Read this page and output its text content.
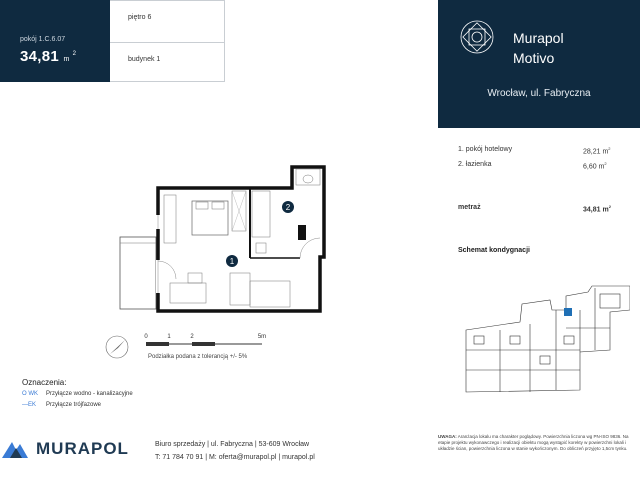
pokój 1.C.6.07
34,81 $m^2$
piętro 6
budynek 1
Murapol
Motivo
Wrocław, ul. Fabryczna
1. pokój hotelowy	28,21 $m^2$
2. łazienka	6,60 $m^2$
metraż	34,81 $m^2$
Schemat kondygnacji
1
2
0	1	2	5m
Podziałka podana z tolerancją +/- 5%
Oznaczenia:
O WK	Przyłącze wodno - kanalizacyjne
—EK	Przyłącze trójfazowe
MURAPOL	Biuro sprzedaży | ul. Fabryczna | 53-609 Wrocław
T: 71 784 70 91 | M: oferta@murapol.pl | murapol.pl
UWAGA: Aranżacja lokalu ma charakter poglądowy. Powierzchnia liczona wg PN-ISO 9836. Na etapie projektu wykonawczego i realizacji obiektu mogą wystąpić korekty w powierzchni lokali i układzie ścian, powierzchnia liczona w stanie wykończonym. Do obliczeń przyjęto 1,5cm tynku.
